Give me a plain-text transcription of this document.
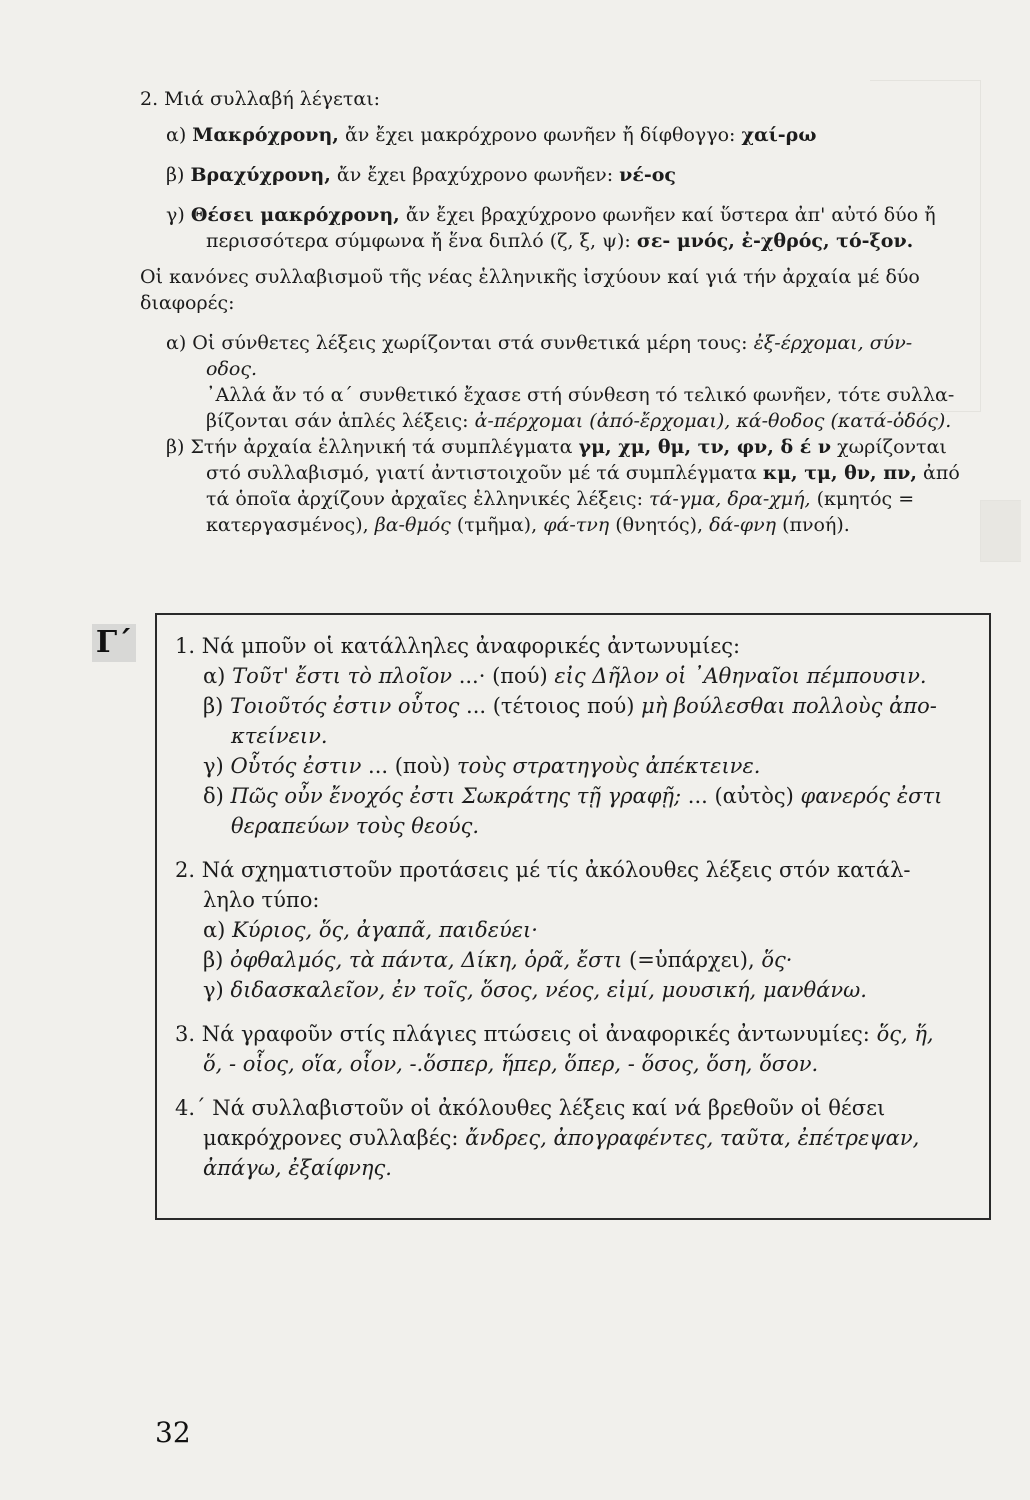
2. Μιά συλλαβή λέγεται:
α) Μακρόχρονη, ἄν ἔχει μακρόχρονο φωνῆεν ἤ δίφθογγο: χαί-ρω
β) Βραχύχρονη, ἄν ἔχει βραχύχρονο φωνῆεν: νέ-ος
γ) Θέσει μακρόχρονη, ἄν ἔχει βραχύχρονο φωνῆεν καί ὕστερα ἀπ' αὐτό δύο ἤ
περισσότερα σύμφωνα ἤ ἕνα διπλό (ζ, ξ, ψ): σε- μνός, ἐ-χθρός, τό-ξον.
Οἱ κανόνες συλλαβισμοῦ τῆς νέας ἑλληνικῆς ἰσχύουν καί γιά τήν ἀρχαία μέ δύο
διαφορές:
α) Οἱ σύνθετες λέξεις χωρίζονται στά συνθετικά μέρη τους: ἐξ-έρχομαι, σύν-
οδος.
᾿Αλλά ἄν τό α΄ συνθετικό ἔχασε στή σύνθεση τό τελικό φωνῆεν, τότε συλλα-
βίζονται σάν ἁπλές λέξεις: ἀ-πέρχομαι (ἀπό-ἔρχομαι), κά-θοδος (κατά-ὁδός).
β) Στήν ἀρχαία ἑλληνική τά συμπλέγματα γμ, χμ, θμ, τν, φν, δ έ ν χωρίζονται
στό συλλαβισμό, γιατί ἀντιστοιχοῦν μέ τά συμπλέγματα κμ, τμ, θν, πν, ἀπό
τά ὁποῖα ἀρχίζουν ἀρχαῖες ἑλληνικές λέξεις: τά-γμα, δρα-χμή, (κμητός =
κατεργασμένος), βα-θμός (τμῆμα), φά-τνη (θνητός), δά-φνη (πνοή).
Γ΄ 1. Νά μποῦν οἱ κατάλληλες ἀναφορικές ἀντωνυμίες:
α) Τοῦτ' ἔστι τὸ πλοῖον ...· (πού) εἰς Δῆλον οἱ ᾿Αθηναῖοι πέμπουσιν.
β) Τοιοῦτός ἐστιν οὗτος ... (τέτοιος πού) μὴ βούλεσθαι πολλοὺς ἀπο-
κτείνειν.
γ) Οὗτός ἐστιν ... (ποὺ) τοὺς στρατηγοὺς ἀπέκτεινε.
δ) Πῶς οὖν ἔνοχός ἐστι Σωκράτης τῇ γραφῇ; ... (αὐτὸς) φανερός ἐστι
θεραπεύων τοὺς θεούς.
2. Νά σχηματιστοῦν προτάσεις μέ τίς ἀκόλουθες λέξεις στόν κατάλ-
ληλο τύπο:
α) Κύριος, ὅς, ἀγαπᾶ, παιδεύει·
β) ὀφθαλμός, τὰ πάντα, Δίκη, ὁρᾶ, ἔστι (=ὑπάρχει), ὅς·
γ) διδασκαλεῖον, ἐν τοῖς, ὅσος, νέος, εἰμί, μουσική, μανθάνω.
3. Νά γραφοῦν στίς πλάγιες πτώσεις οἱ ἀναφορικές ἀντωνυμίες: ὅς, ἥ,
ὅ, - οἷος, οἵα, οἷον, -.ὅσπερ, ἥπερ, ὅπερ, - ὅσος, ὅση, ὅσον.
4.΄ Νά συλλαβιστοῦν οἱ ἀκόλουθες λέξεις καί νά βρεθοῦν οἱ θέσει
μακρόχρονες συλλαβές: ἄνδρες, ἀπογραφέντες, ταῦτα, ἐπέτρεψαν,
ἀπάγω, ἐξαίφνης.
32
